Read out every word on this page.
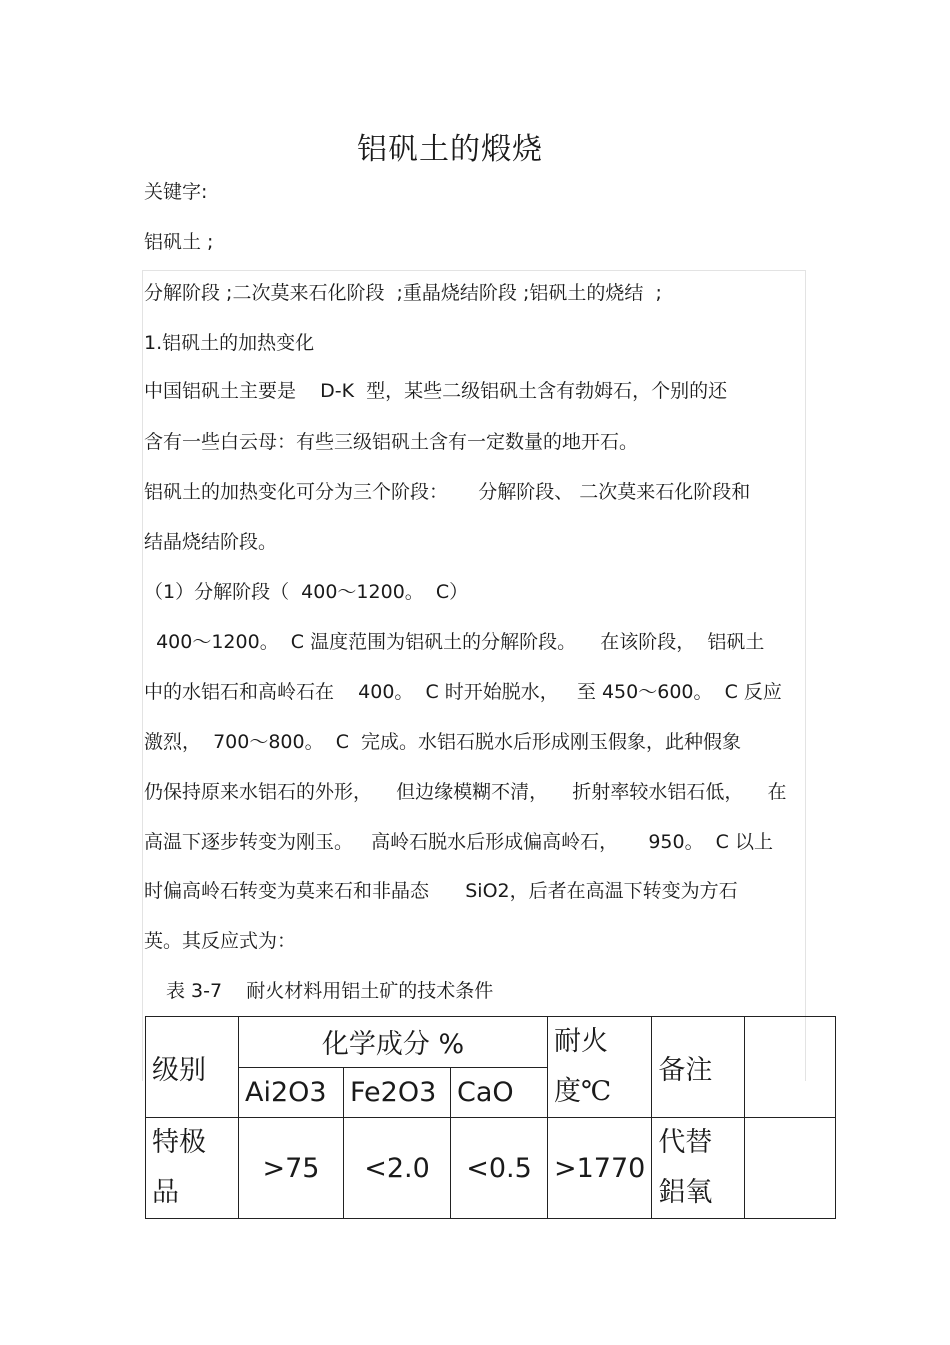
铝矾土的煅烧
关键字:
铝矾土 ;
分解阶段 ;二次莫来石化阶段  ;重晶烧结阶段 ;铝矾土的烧结  ;
1.铝矾土的加热变化
中国铝矾土主要是    D-K  型，某些二级铝矾土含有勃姆石，个别的还
含有一些白云母：有些三级铝矾土含有一定数量的地开石。
铝矾土的加热变化可分为三个阶段：     分解阶段、 二次莫来石化阶段和
结晶烧结阶段。
（1）分解阶段（  400～1200。  C）
400～1200。  C 温度范围为铝矾土的分解阶段。    在该阶段，  铝矾土
中的水铝石和高岭石在    400。  C 时开始脱水，   至 450～600。  C 反应
激烈，  700～800。  C  完成。水铝石脱水后形成刚玉假象，此种假象
仍保持原来水铝石的外形，    但边缘模糊不清，    折射率较水铝石低，    在
高温下逐步转变为刚玉。   高岭石脱水后形成偏高岭石，     950。  C 以上
时偏高岭石转变为莫来石和非晶态      SiO2，后者在高温下转变为方石
英。其反应式为：
表 3-7    耐火材料用铝土矿的技术条件
级别	化学成分 %			耐火度℃	备注	
	Ai2O3	Fe2O3	CaO			
特极品	>75	<2.0	<0.5	>1770	代替鋁氧	
